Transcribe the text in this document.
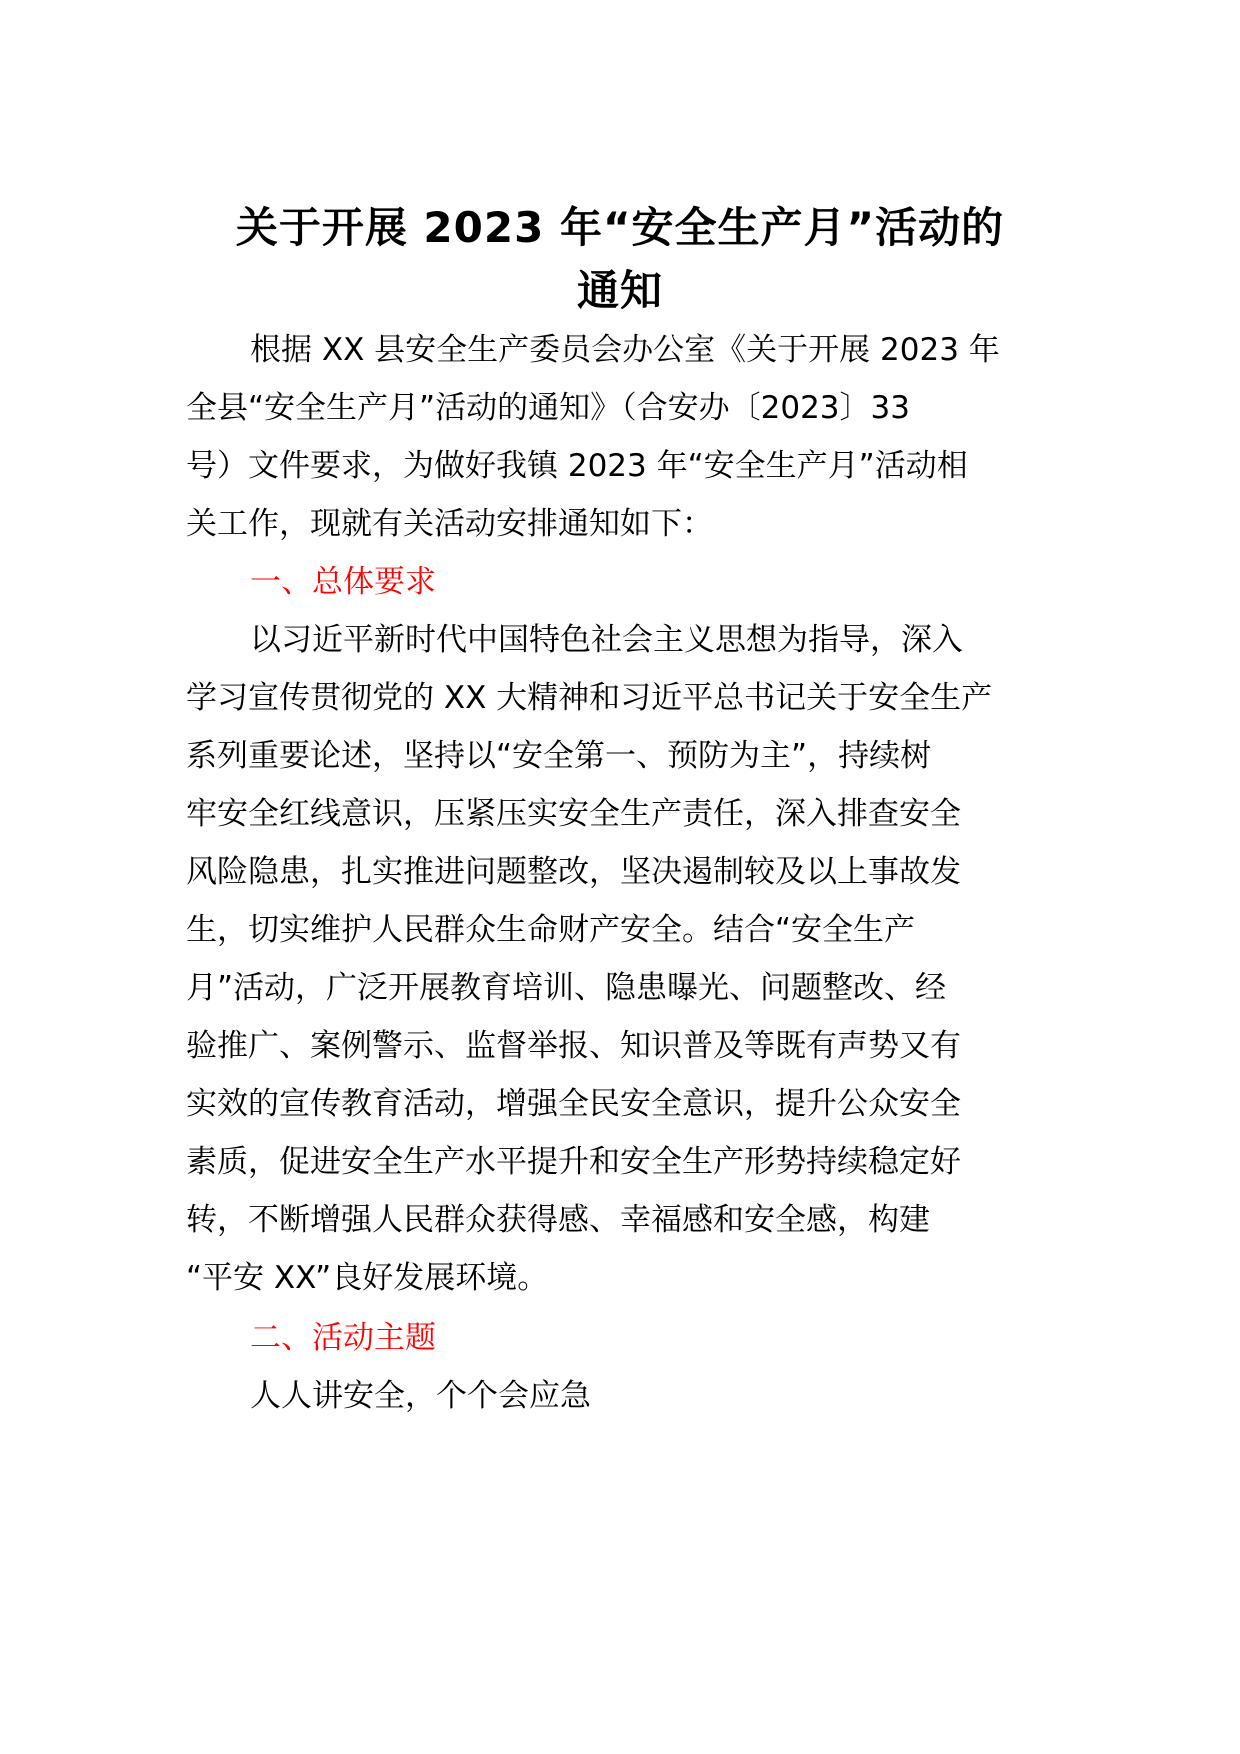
关于开展 2023 年“安全生产月”活动的
通知

根据 XX 县安全生产委员会办公室《关于开展 2023 年

全县“安全生产月”活动的通知》（合安办〔2023〕33

号）文件要求，为做好我镇 2023 年“安全生产月”活动相

关工作，现就有关活动安排通知如下：

一、总体要求

以习近平新时代中国特色社会主义思想为指导，深入

学习宣传贯彻党的 XX 大精神和习近平总书记关于安全生产

系列重要论述，坚持以“安全第一、预防为主”，持续树

牢安全红线意识，压紧压实安全生产责任，深入排查安全

风险隐患，扎实推进问题整改，坚决遏制较及以上事故发

生，切实维护人民群众生命财产安全。结合“安全生产

月”活动，广泛开展教育培训、隐患曝光、问题整改、经

验推广、案例警示、监督举报、知识普及等既有声势又有

实效的宣传教育活动，增强全民安全意识，提升公众安全

素质，促进安全生产水平提升和安全生产形势持续稳定好

转，不断增强人民群众获得感、幸福感和安全感，构建

“平安 XX”良好发展环境。

二、活动主题

人人讲安全，个个会应急
